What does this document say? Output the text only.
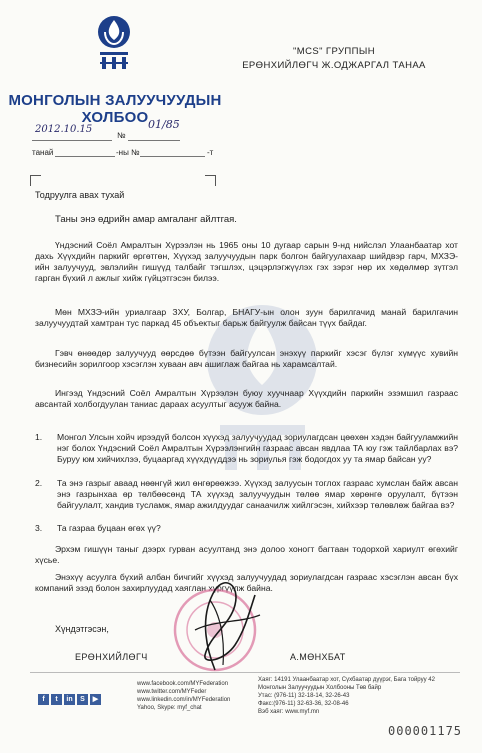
МОНГОЛЫН ЗАЛУУЧУУДЫН
ХОЛБОО
"MCS" ГРУППЫН
ЕРӨНХИЙЛӨГЧ Ж.ОДЖАРГАЛ ТАНАА
2012.10.15
№
01/85
танай	-ны №	-т
Тодруулга авах тухай
Таны энэ өдрийн амар амгаланг айлтгая.
Үндэсний Соёл Амралтын Хүрээлэн нь 1965 оны 10 дугаар сарын 9-нд нийслэл Улаанбаатар хот дахь Хүүхдийн паркийг өргөтгөн, Хүүхэд залуучуудын парк болгон байгуулахаар шийдвэр гарч, МХЗЭ-ийн залуучууд, эвлэлийн гишүүд талбайг тэгшлэх, цэцэрлэгжүүлэх гэх зэрэг нөр их хөдөлмөр зүтгэл гарган бүхий л ажлыг хийж гүйцэтгэсэн билээ.
Мөн МХЗЭ-ийн уриалгаар ЗХУ, Болгар, БНАГУ-ын олон зуун барилгачид манай барилгачин залуучуудтай хамтран тус паркад 45 объектыг барьж байгуулж байсан түүх байдаг.
Гэвч өнөөдөр залуучууд өөрсдөө бүтээн байгуулсан энэхүү паркийг хэсэг бүлэг хүмүүс хувийн бизнесийн зорилгоор хэсэглэн хуваан авч ашиглаж байгаа нь харамсалтай.
Ингээд Үндэсний Соёл Амралтын Хүрээлэн буюу хуучнаар Хүүхдийн паркийн эзэмшил газраас авсантай холбогдуулан таниас дараах асуултыг асууж байна.
1. Монгол Улсын хойч ирээдүй болсон хүүхэд залуучуудад зориулагдсан цөөхөн хэдэн байгууламжийн нэг болох Үндэсний Соёл Амралтын Хүрээлэнгийн газраас авсан явдлаа ТА юу гэж тайлбарлах вэ? Буруу юм хийчихлээ, буцааргад хүүхдүүддээ нь зориулья гэж бодогдох уу та ямар байсан уу?
2. Та энэ газрыг аваад нөөнгүй жил өнгөрөөжээ. Хүүхэд залуусын тоглох газраас хумслан байж авсан энэ газрынхаа өр төлбөөсөнд ТА хүүхэд залуучуудын төлөө ямар хөрөнгө оруулалт, бүтээн байгуулалт, хандив тусламж, ямар ажилдуудаг санаачилж хийлгэсэн, хийхээр төлөвлөж байгаа вэ?
3. Та газраа буцаан өгөх үү?
Эрхэм гишүүн таныг дээрх гурван асуултанд энэ долоо хоногт багтаан тодорхой хариулт өгөхийг хүсье.
Энэхүү асуулга бүхий албан бичгийг хүүхэд залуучуудад зориулагдсан газраас хэсэглэн авсан бүх компаний эзэд болон захирлуудад хаяглан хүргүүлж байна.
Хүндэтгэсэн,
ЕРӨНХИЙЛӨГЧ	А.МӨНХБАТ
f t in S ▶
www.facebook.com/MYFederation
www.twitter.com/MYFeder
www.linkedin.com/in/MYFederation
Yahoo, Skype: myf_chat
Хаяг: 14191 Улаанбаатар хот, Сүхбаатар дүүрэг, Бага тойруу 42
Монголын Залуучуудын Холбооны Төв байр
Утас: (976-11) 32-18-14, 32-26-43
Факс:(976-11) 32-63-36, 32-08-46
Вэб хаяг: www.myf.mn
000001175
